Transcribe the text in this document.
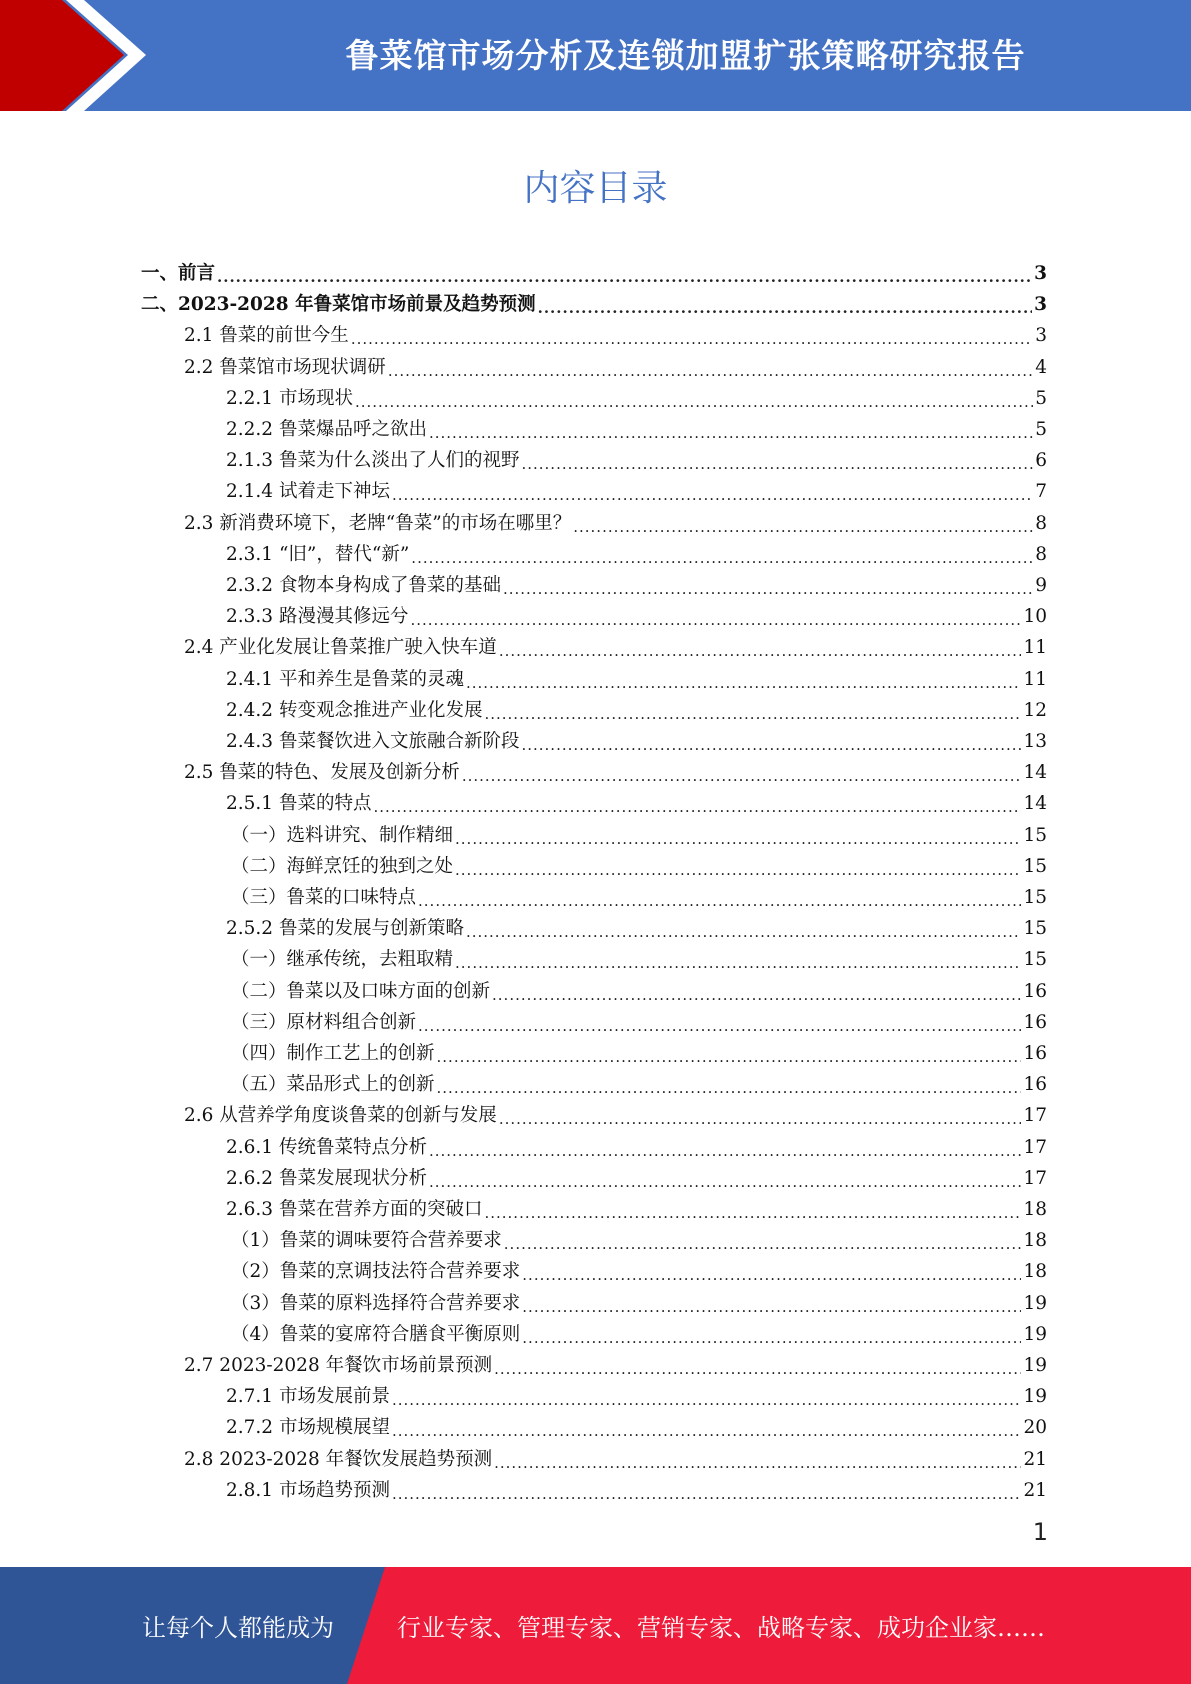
鲁菜馆市场分析及连锁加盟扩张策略研究报告
内容目录
一、前言 .....	3
二、2023-2028 年鲁菜馆市场前景及趋势预测 .....	3
2.1 鲁菜的前世今生 .....	3
2.2 鲁菜馆市场现状调研 .....	4
2.2.1 市场现状 .....	5
2.2.2 鲁菜爆品呼之欲出 .....	5
2.1.3 鲁菜为什么淡出了人们的视野 .....	6
2.1.4 试着走下神坛 .....	7
2.3 新消费环境下，老牌“鲁菜”的市场在哪里？ .....	8
2.3.1 “旧”，替代“新” .....	8
2.3.2 食物本身构成了鲁菜的基础 .....	9
2.3.3 路漫漫其修远兮 .....	10
2.4 产业化发展让鲁菜推广驶入快车道 .....	11
2.4.1 平和养生是鲁菜的灵魂 .....	11
2.4.2 转变观念推进产业化发展 .....	12
2.4.3 鲁菜餐饮进入文旅融合新阶段 .....	13
2.5 鲁菜的特色、发展及创新分析 .....	14
2.5.1 鲁菜的特点 .....	14
（一）选料讲究、制作精细 .....	15
（二）海鲜烹饪的独到之处 .....	15
（三）鲁菜的口味特点 .....	15
2.5.2 鲁菜的发展与创新策略 .....	15
（一）继承传统，去粗取精 .....	15
（二）鲁菜以及口味方面的创新 .....	16
（三）原材料组合创新 .....	16
（四）制作工艺上的创新 .....	16
（五）菜品形式上的创新 .....	16
2.6 从营养学角度谈鲁菜的创新与发展 .....	17
2.6.1 传统鲁菜特点分析 .....	17
2.6.2 鲁菜发展现状分析 .....	17
2.6.3 鲁菜在营养方面的突破口 .....	18
（1）鲁菜的调味要符合营养要求 .....	18
（2）鲁菜的烹调技法符合营养要求 .....	18
（3）鲁菜的原料选择符合营养要求 .....	19
（4）鲁菜的宴席符合膳食平衡原则 .....	19
2.7 2023-2028 年餐饮市场前景预测 .....	19
2.7.1 市场发展前景 .....	19
2.7.2 市场规模展望 .....	20
2.8 2023-2028 年餐饮发展趋势预测 .....	21
2.8.1 市场趋势预测 .....	21
1
让每个人都能成为	行业专家、管理专家、营销专家、战略专家、成功企业家……
